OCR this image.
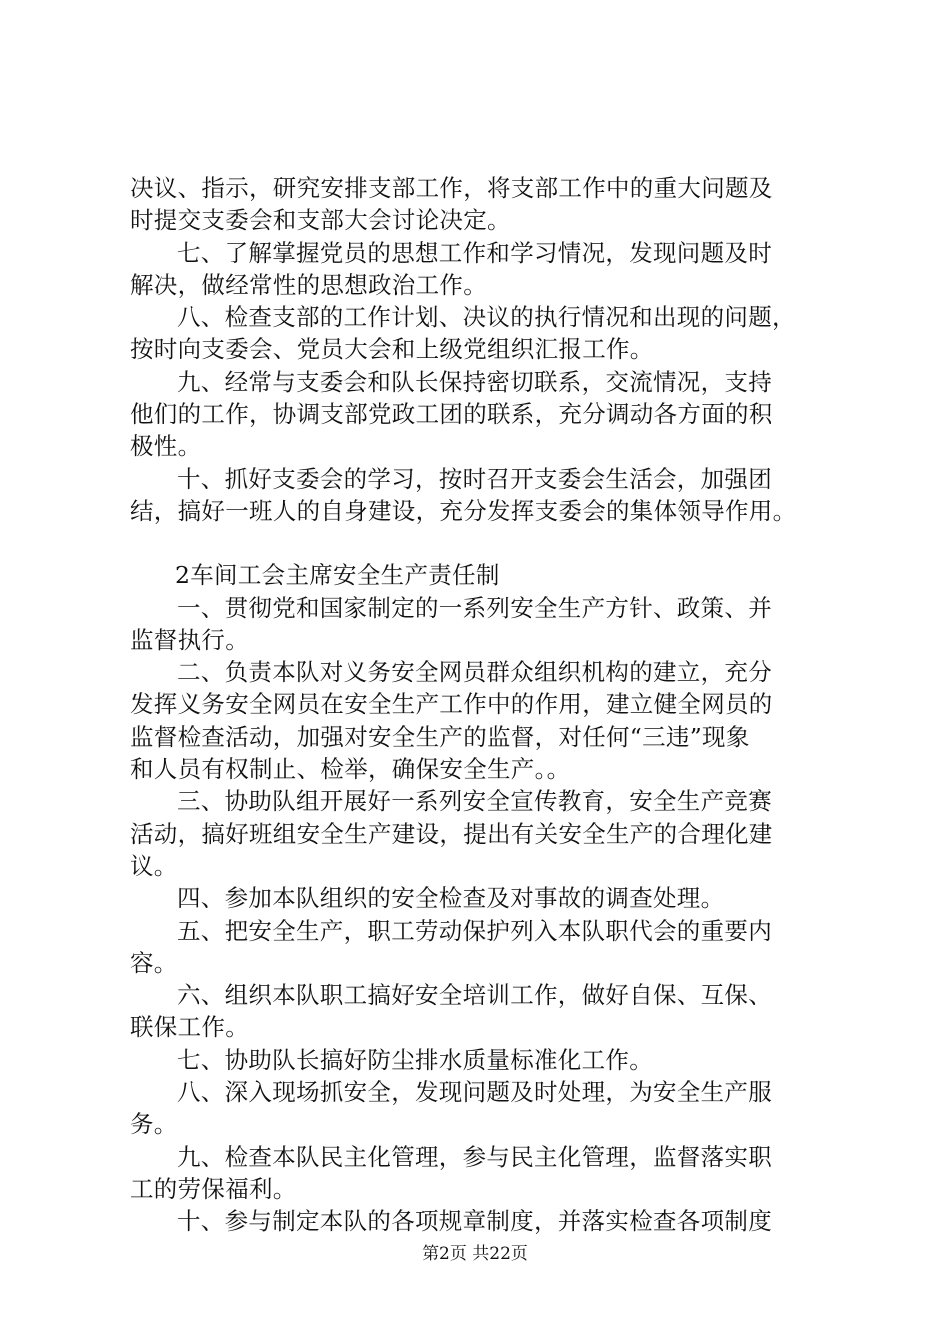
决议、指示，研究安排支部工作，将支部工作中的重大问题及
时提交支委会和支部大会讨论决定。

七、了解掌握党员的思想工作和学习情况，发现问题及时
解决，做经常性的思想政治工作。

八、检查支部的工作计划、决议的执行情况和出现的问题，
按时向支委会、党员大会和上级党组织汇报工作。

九、经常与支委会和队长保持密切联系，交流情况，支持
他们的工作，协调支部党政工团的联系，充分调动各方面的积
极性。

十、抓好支委会的学习，按时召开支委会生活会，加强团
结，搞好一班人的自身建设，充分发挥支委会的集体领导作用。

2车间工会主席安全生产责任制

一、贯彻党和国家制定的一系列安全生产方针、政策、并
监督执行。

二、负责本队对义务安全网员群众组织机构的建立，充分
发挥义务安全网员在安全生产工作中的作用，建立健全网员的
监督检查活动，加强对安全生产的监督，对任何“三违”现象
和人员有权制止、检举，确保安全生产。。

三、协助队组开展好一系列安全宣传教育，安全生产竞赛
活动，搞好班组安全生产建设，提出有关安全生产的合理化建
议。

四、参加本队组织的安全检查及对事故的调查处理。

五、把安全生产，职工劳动保护列入本队职代会的重要内
容。

六、组织本队职工搞好安全培训工作，做好自保、互保、
联保工作。

七、协助队长搞好防尘排水质量标准化工作。

八、深入现场抓安全，发现问题及时处理，为安全生产服
务。

九、检查本队民主化管理，参与民主化管理，监督落实职
工的劳保福利。

十、参与制定本队的各项规章制度，并落实检查各项制度

第2页 共22页
